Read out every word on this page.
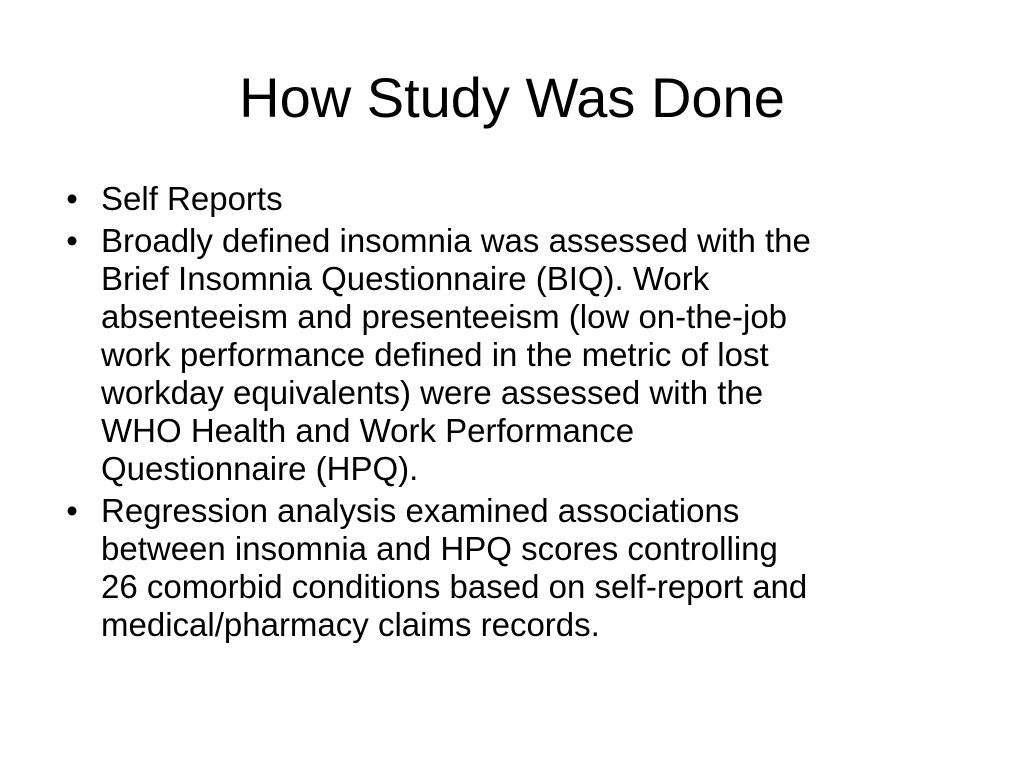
How Study Was Done
• Self Reports
• Broadly defined insomnia was assessed with the
Brief Insomnia Questionnaire (BIQ). Work
absenteeism and presenteeism (low on-the-job
work performance defined in the metric of lost
workday equivalents) were assessed with the
WHO Health and Work Performance
Questionnaire (HPQ).
• Regression analysis examined associations
between insomnia and HPQ scores controlling
26 comorbid conditions based on self-report and
medical/pharmacy claims records.
